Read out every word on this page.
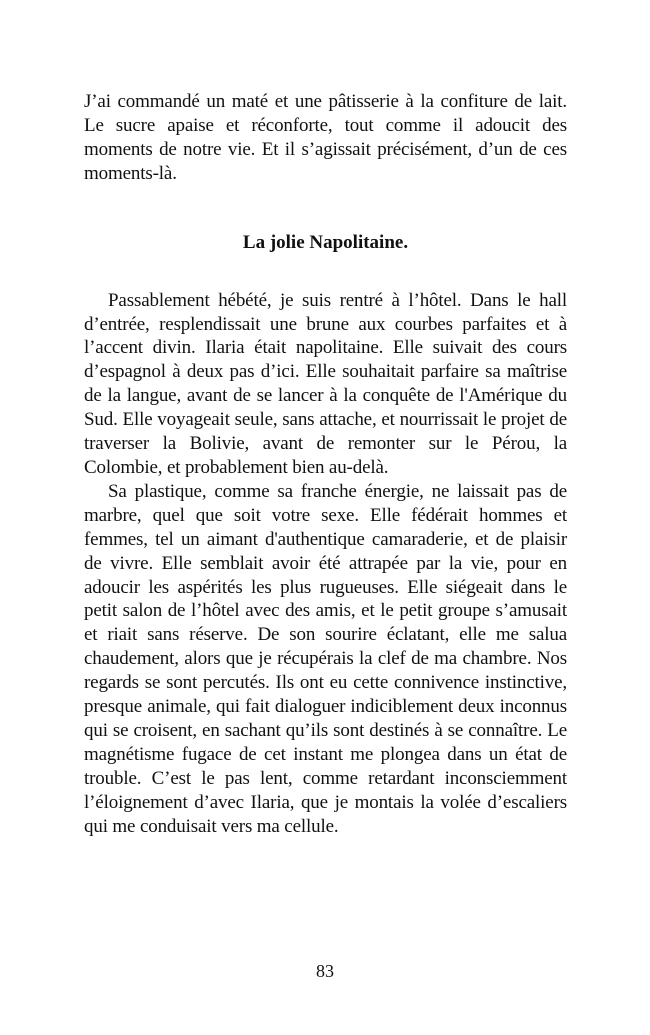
J’ai commandé un maté et une pâtisserie à la confiture de lait. Le sucre apaise et réconforte, tout comme il adoucit des moments de notre vie. Et il s’agissait précisément, d’un de ces moments-là.

La jolie Napolitaine.

Passablement hébété, je suis rentré à l’hôtel. Dans le hall d’entrée, resplendissait une brune aux courbes parfaites et à l’accent divin. Ilaria était napolitaine. Elle suivait des cours d’espagnol à deux pas d’ici. Elle souhaitait parfaire sa maîtrise de la langue, avant de se lancer à la conquête de l'Amérique du Sud. Elle voyageait seule, sans attache, et nourrissait le projet de traverser la Bolivie, avant de remonter sur le Pérou, la Colombie, et probablement bien au-delà.

Sa plastique, comme sa franche énergie, ne laissait pas de marbre, quel que soit votre sexe. Elle fédérait hommes et femmes, tel un aimant d'authentique camaraderie, et de plaisir de vivre. Elle semblait avoir été attrapée par la vie, pour en adoucir les aspérités les plus rugueuses. Elle siégeait dans le petit salon de l’hôtel avec des amis, et le petit groupe s’amusait et riait sans réserve. De son sourire éclatant, elle me salua chaudement, alors que je récupérais la clef de ma chambre. Nos regards se sont percutés. Ils ont eu cette connivence instinctive, presque animale, qui fait dialoguer indiciblement deux inconnus qui se croisent, en sachant qu’ils sont destinés à se connaître. Le magnétisme fugace de cet instant me plongea dans un état de trouble. C’est le pas lent, comme retardant inconsciemment l’éloignement d’avec Ilaria, que je montais la volée d’escaliers qui me conduisait vers ma cellule.

83
